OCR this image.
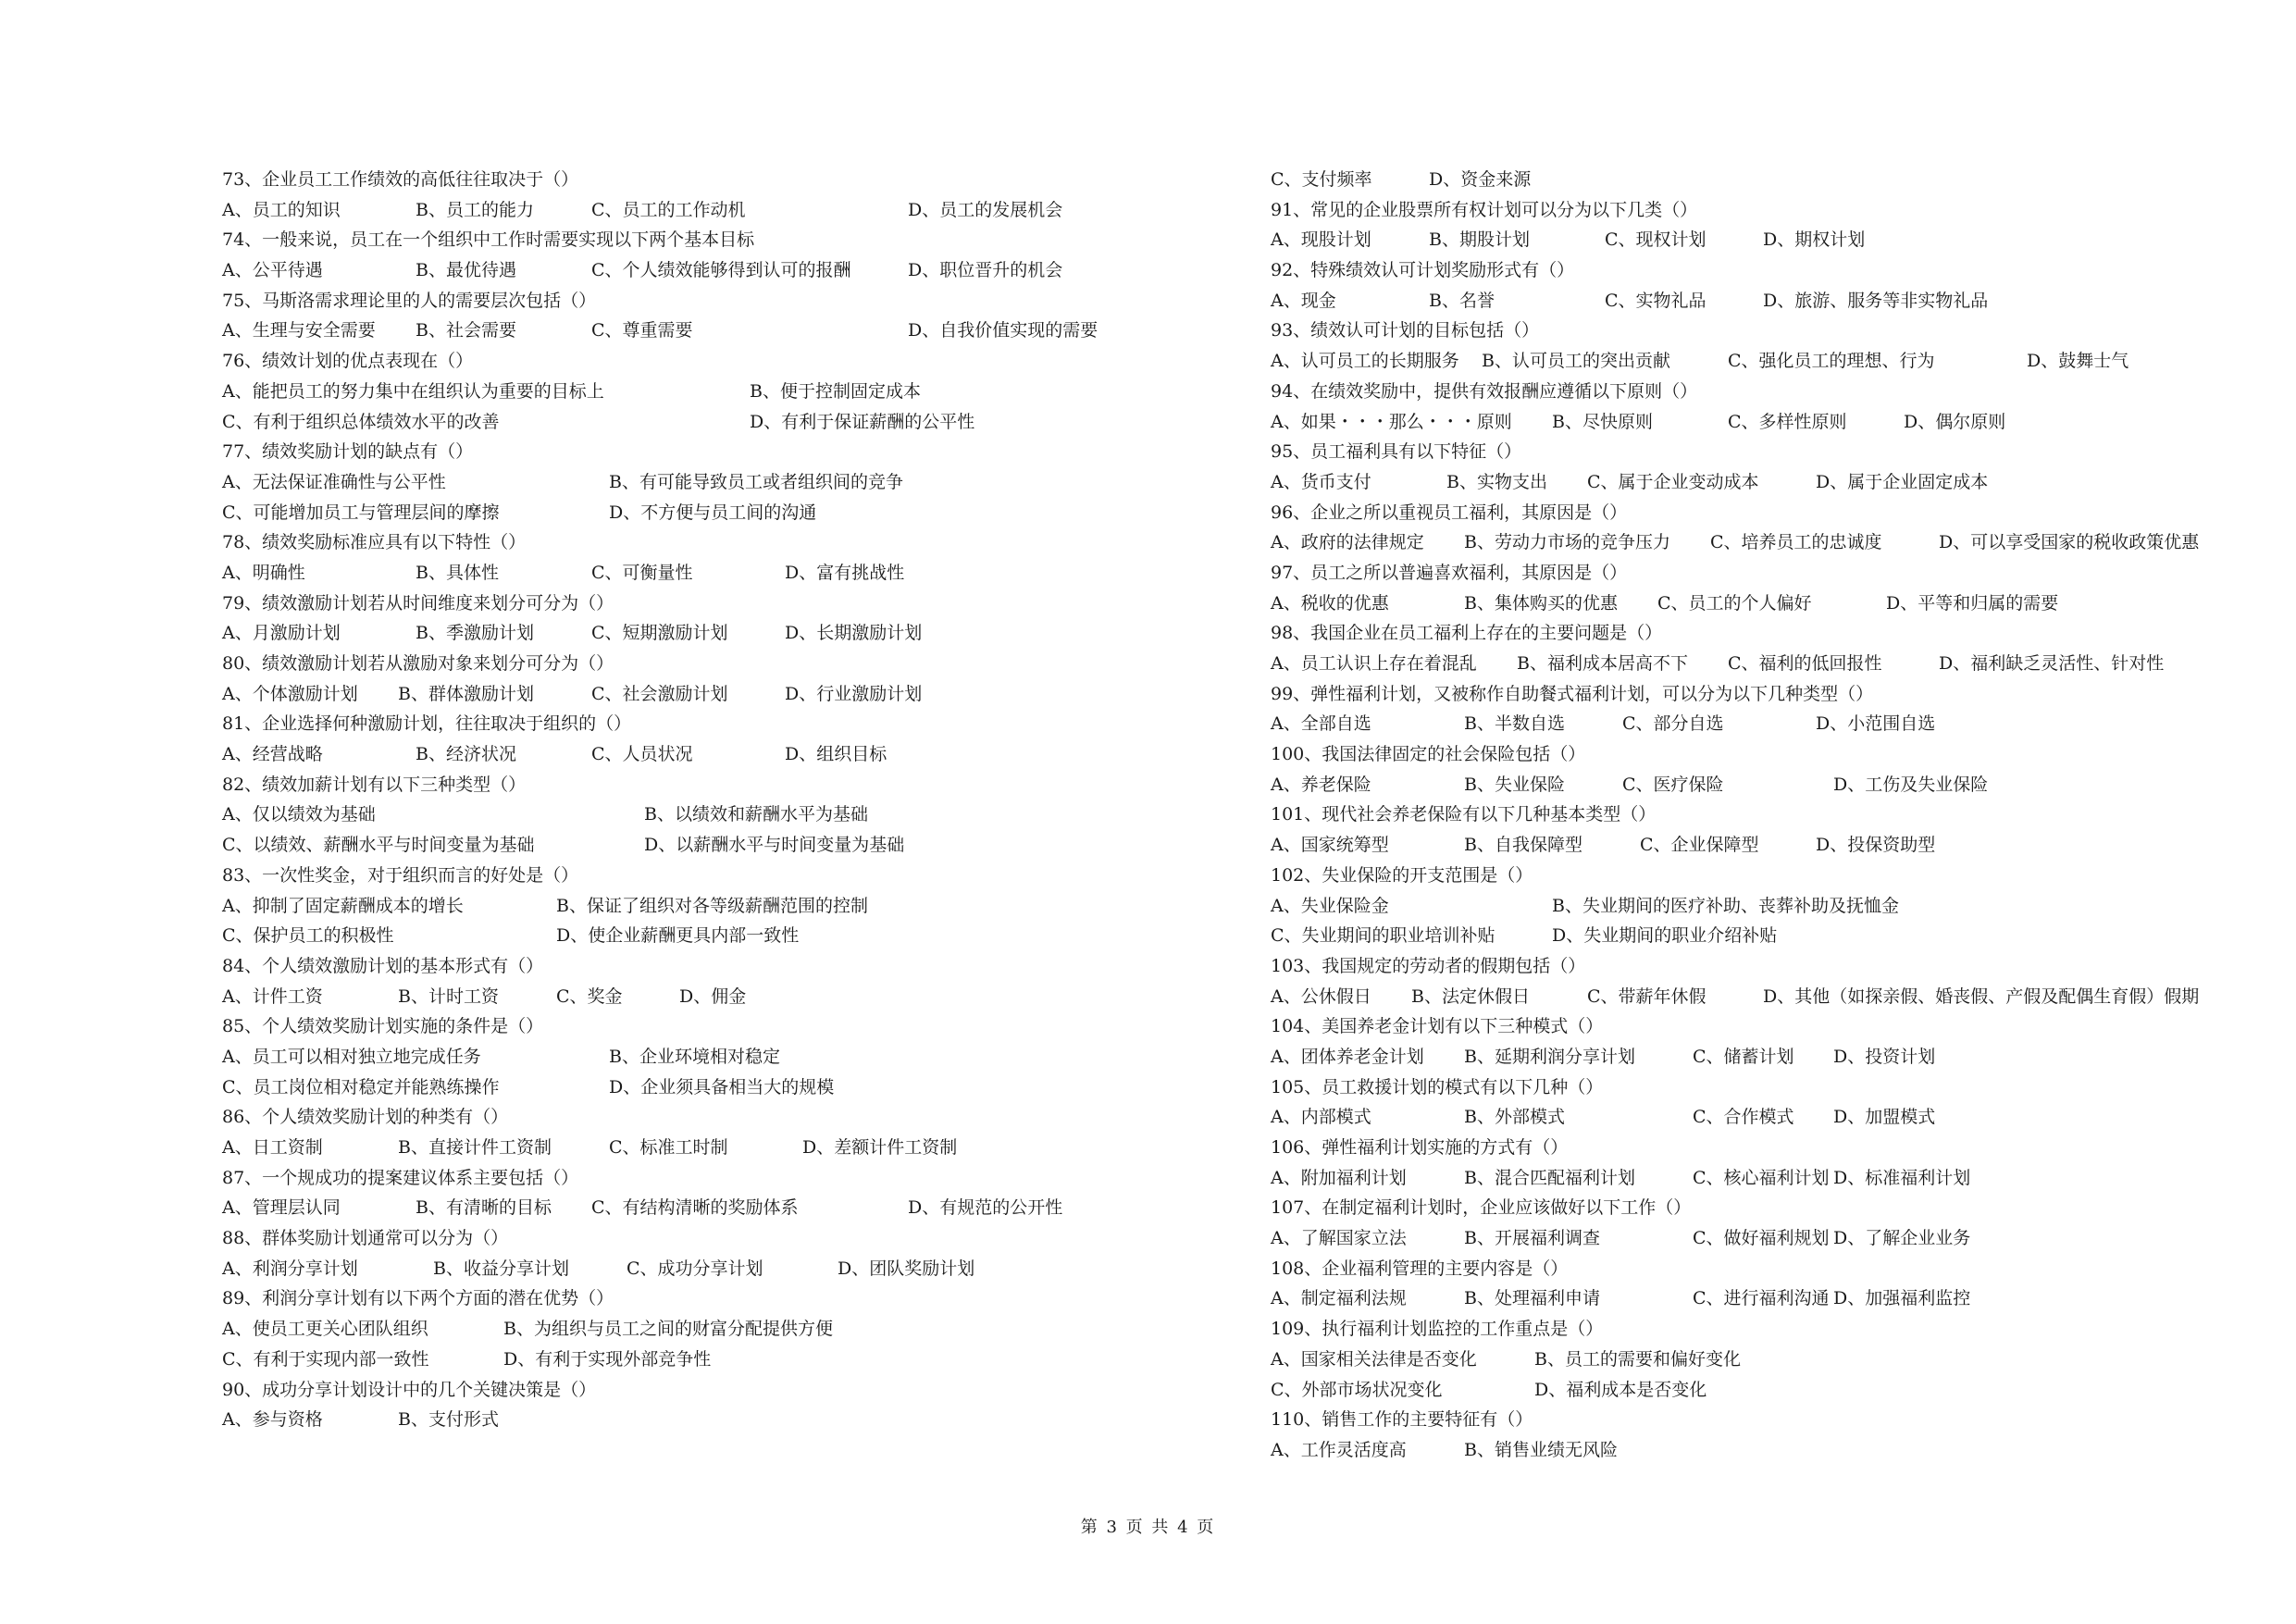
73、企业员工工作绩效的高低往往取决于（）
A、员工的知识	B、员工的能力	C、员工的工作动机	D、员工的发展机会
74、一般来说，员工在一个组织中工作时需要实现以下两个基本目标
A、公平待遇	B、最优待遇	C、个人绩效能够得到认可的报酬	D、职位晋升的机会
75、马斯洛需求理论里的人的需要层次包括（）
A、生理与安全需要 B、社会需要	C、尊重需要	D、自我价值实现的需要
76、绩效计划的优点表现在（）
A、能把员工的努力集中在组织认为重要的目标上	B、便于控制固定成本
C、有利于组织总体绩效水平的改善	D、有利于保证薪酬的公平性
77、绩效奖励计划的缺点有（）
A、无法保证准确性与公平性	B、有可能导致员工或者组织间的竞争
C、可能增加员工与管理层间的摩擦	D、不方便与员工间的沟通
78、绩效奖励标准应具有以下特性（）
A、明确性	B、具体性	C、可衡量性	D、富有挑战性
79、绩效激励计划若从时间维度来划分可分为（）
A、月激励计划	B、季激励计划	C、短期激励计划	D、长期激励计划
80、绩效激励计划若从激励对象来划分可分为（）
A、个体激励计划 B、群体激励计划	C、社会激励计划	D、行业激励计划
81、企业选择何种激励计划，往往取决于组织的（）
A、经营战略	B、经济状况	C、人员状况	D、组织目标
82、绩效加薪计划有以下三种类型（）
A、仅以绩效为基础	B、以绩效和薪酬水平为基础
C、以绩效、薪酬水平与时间变量为基础	D、以薪酬水平与时间变量为基础
83、一次性奖金，对于组织而言的好处是（）
A、抑制了固定薪酬成本的增长	B、保证了组织对各等级薪酬范围的控制
C、保护员工的积极性	D、使企业薪酬更具内部一致性
84、个人绩效激励计划的基本形式有（）
A、计件工资	B、计时工资	C、奖金	D、佣金
85、个人绩效奖励计划实施的条件是（）
A、员工可以相对独立地完成任务	B、企业环境相对稳定
C、员工岗位相对稳定并能熟练操作	D、企业须具备相当大的规模
86、个人绩效奖励计划的种类有（）
A、日工资制	B、直接计件工资制	C、标准工时制	D、差额计件工资制
87、一个规成功的提案建议体系主要包括（）
A、管理层认同	B、有清晰的目标 C、有结构清晰的奖励体系	D、有规范的公开性
88、群体奖励计划通常可以分为（）
A、利润分享计划	B、收益分享计划	C、成功分享计划	D、团队奖励计划
89、利润分享计划有以下两个方面的潜在优势（）
A、使员工更关心团队组织	B、为组织与员工之间的财富分配提供方便
C、有利于实现内部一致性	D、有利于实现外部竞争性
90、成功分享计划设计中的几个关键决策是（）
A、参与资格	B、支付形式
C、支付频率	D、资金来源
91、常见的企业股票所有权计划可以分为以下几类（）
A、现股计划	B、期股计划	C、现权计划	D、期权计划
92、特殊绩效认可计划奖励形式有（）
A、现金	B、名誉	C、实物礼品	D、旅游、服务等非实物礼品
93、绩效认可计划的目标包括（）
A、认可员工的长期服务 B、认可员工的突出贡献	C、强化员工的理想、行为	D、鼓舞士气
94、在绩效奖励中，提供有效报酬应遵循以下原则（）
A、如果・・・那么・・・原则 B、尽快原则	C、多样性原则	D、偶尔原则
95、员工福利具有以下特征（）
A、货币支付	B、实物支出 C、属于企业变动成本	D、属于企业固定成本
96、企业之所以重视员工福利，其原因是（）
A、政府的法律规定 B、劳动力市场的竞争压力 C、培养员工的忠诚度	D、可以享受国家的税收政策优惠
97、员工之所以普遍喜欢福利，其原因是（）
A、税收的优惠	B、集体购买的优惠 C、员工的个人偏好	D、平等和归属的需要
98、我国企业在员工福利上存在的主要问题是（）
A、员工认识上存在着混乱 B、福利成本居高不下 C、福利的低回报性	D、福利缺乏灵活性、针对性
99、弹性福利计划，又被称作自助餐式福利计划，可以分为以下几种类型（）
A、全部自选	B、半数自选	C、部分自选	D、小范围自选
100、我国法律固定的社会保险包括（）
A、养老保险	B、失业保险	C、医疗保险	D、工伤及失业保险
101、现代社会养老保险有以下几种基本类型（）
A、国家统筹型	B、自我保障型	C、企业保障型	D、投保资助型
102、失业保险的开支范围是（）
A、失业保险金	B、失业期间的医疗补助、丧葬补助及抚恤金
C、失业期间的职业培训补贴	D、失业期间的职业介绍补贴
103、我国规定的劳动者的假期包括（）
A、公休假日 B、法定休假日	C、带薪年休假	D、其他（如探亲假、婚丧假、产假及配偶生育假）假期
104、美国养老金计划有以下三种模式（）
A、团体养老金计划 B、延期利润分享计划	C、储蓄计划 D、投资计划
105、员工救援计划的模式有以下几种（）
A、内部模式	B、外部模式	C、合作模式 D、加盟模式
106、弹性福利计划实施的方式有（）
A、附加福利计划	B、混合匹配福利计划	C、核心福利计划 D、标准福利计划
107、在制定福利计划时，企业应该做好以下工作（）
A、了解国家立法	B、开展福利调查	C、做好福利规划 D、了解企业业务
108、企业福利管理的主要内容是（）
A、制定福利法规	B、处理福利申请	C、进行福利沟通 D、加强福利监控
109、执行福利计划监控的工作重点是（）
A、国家相关法律是否变化	B、员工的需要和偏好变化
C、外部市场状况变化	D、福利成本是否变化
110、销售工作的主要特征有（）
A、工作灵活度高	B、销售业绩无风险
第 3 页 共 4 页
